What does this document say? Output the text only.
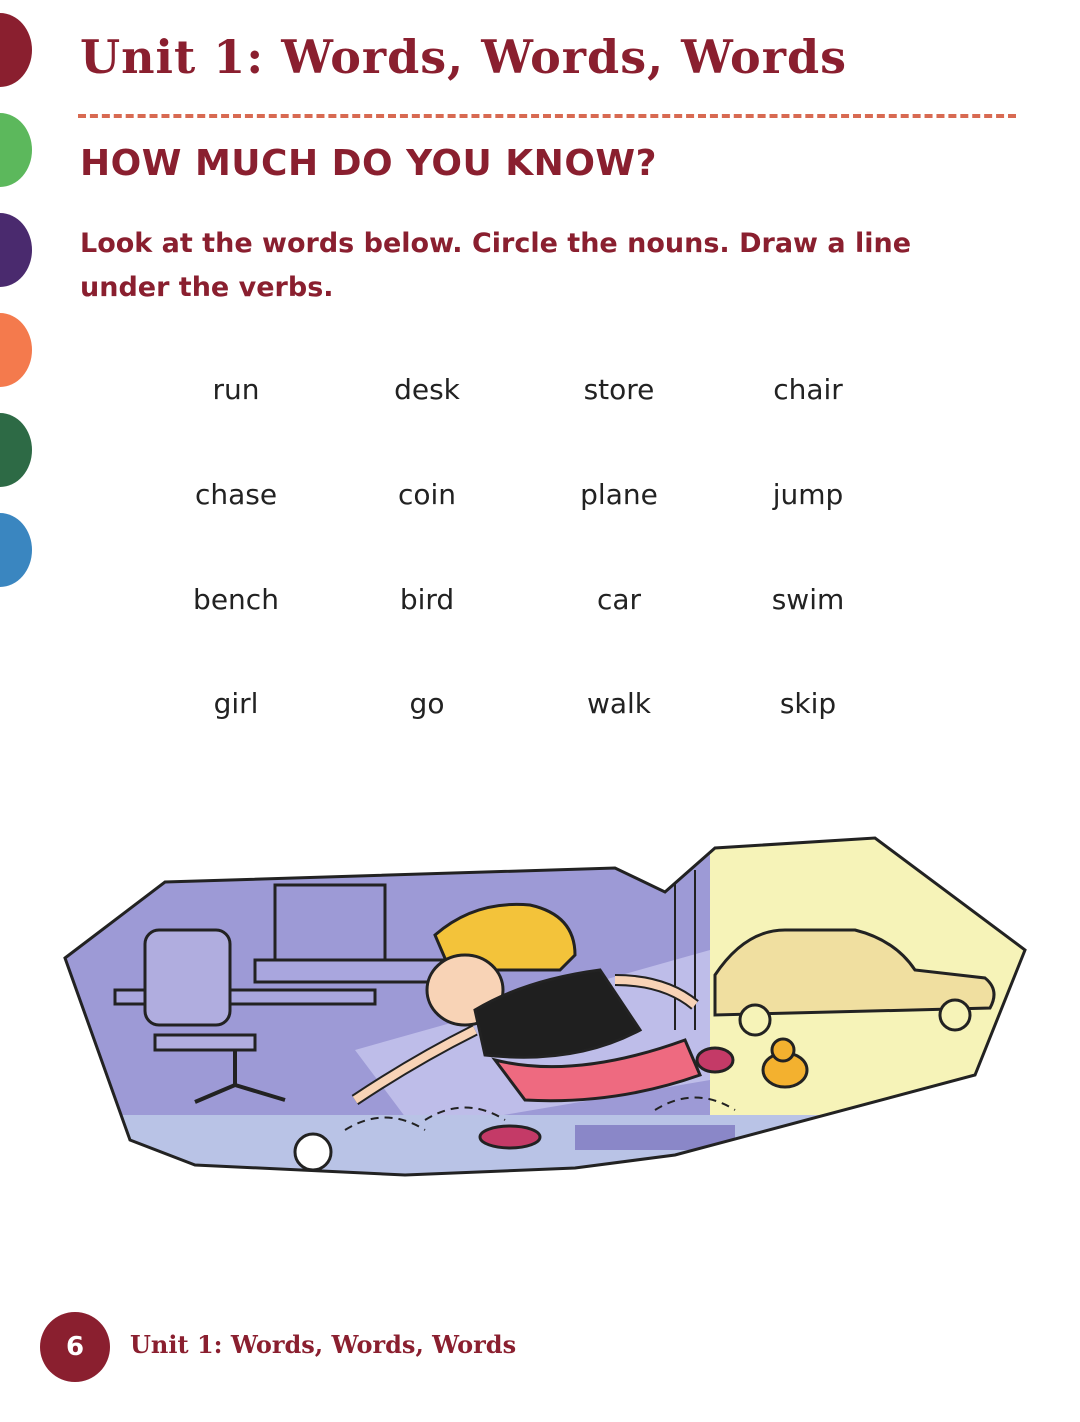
Unit 1: Words, Words, Words
HOW MUCH DO YOU KNOW?
Look at the words below. Circle the nouns. Draw a line under the verbs.
run	desk	store	chair
chase	coin	plane	jump
bench	bird	car	swim
girl	go	walk	skip
6	Unit 1: Words, Words, Words
